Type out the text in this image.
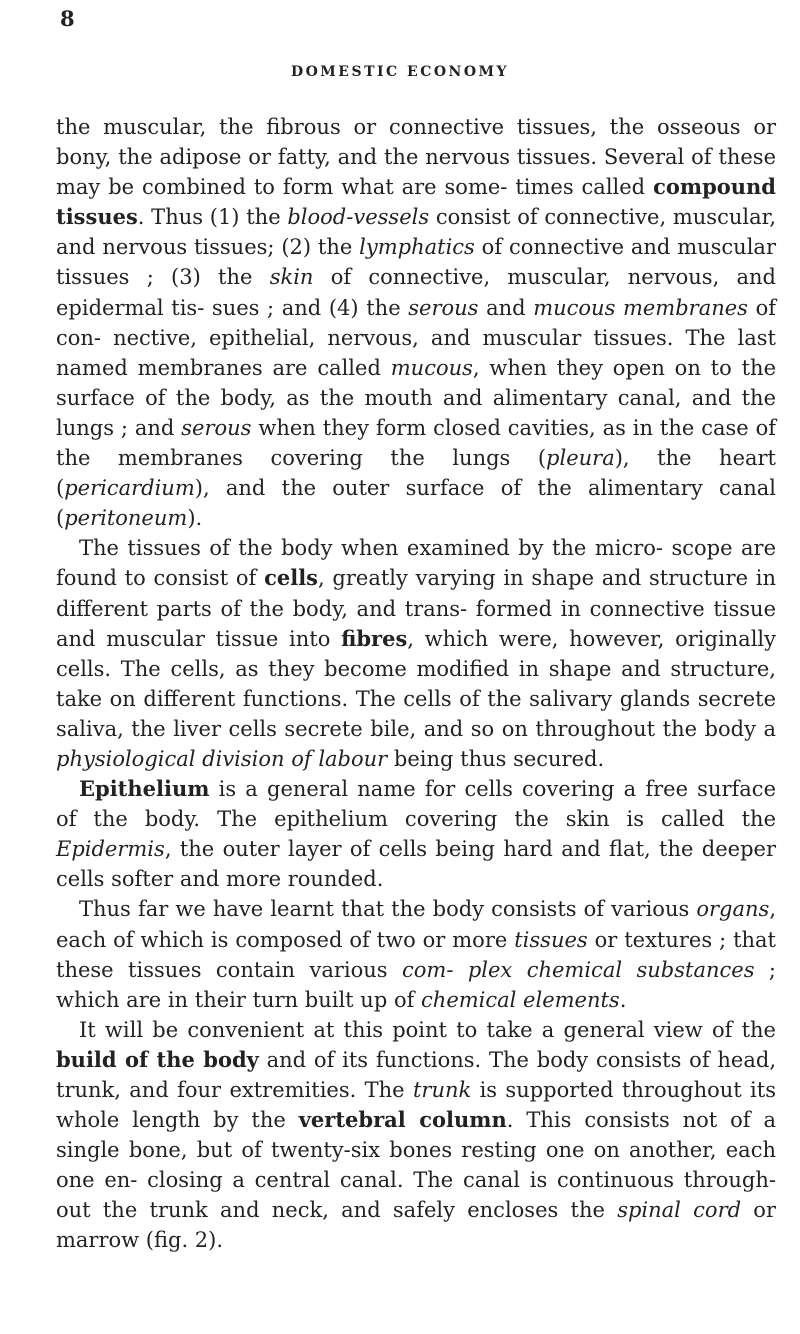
8
DOMESTIC ECONOMY

the muscular, the fibrous or connective tissues, the osseous or bony, the adipose or fatty, and the nervous tissues. Several of these may be combined to form what are some- times called compound tissues. Thus (1) the blood-vessels consist of connective, muscular, and nervous tissues; (2) the lymphatics of connective and muscular tissues ; (3) the skin of connective, muscular, nervous, and epidermal tis- sues ; and (4) the serous and mucous membranes of con- nective, epithelial, nervous, and muscular tissues. The last named membranes are called mucous, when they open on to the surface of the body, as the mouth and alimentary canal, and the lungs ; and serous when they form closed cavities, as in the case of the membranes covering the lungs (pleura), the heart (pericardium), and the outer surface of the alimentary canal (peritoneum).

The tissues of the body when examined by the micro- scope are found to consist of cells, greatly varying in shape and structure in different parts of the body, and trans- formed in connective tissue and muscular tissue into fibres, which were, however, originally cells. The cells, as they become modified in shape and structure, take on different functions. The cells of the salivary glands secrete saliva, the liver cells secrete bile, and so on throughout the body a physiological division of labour being thus secured.

Epithelium is a general name for cells covering a free surface of the body. The epithelium covering the skin is called the Epidermis, the outer layer of cells being hard and flat, the deeper cells softer and more rounded.

Thus far we have learnt that the body consists of various organs, each of which is composed of two or more tissues or textures ; that these tissues contain various com- plex chemical substances ; which are in their turn built up of chemical elements.

It will be convenient at this point to take a general view of the build of the body and of its functions. The body consists of head, trunk, and four extremities. The trunk is supported throughout its whole length by the vertebral column. This consists not of a single bone, but of twenty-six bones resting one on another, each one en- closing a central canal. The canal is continuous through- out the trunk and neck, and safely encloses the spinal cord or marrow (fig. 2).
